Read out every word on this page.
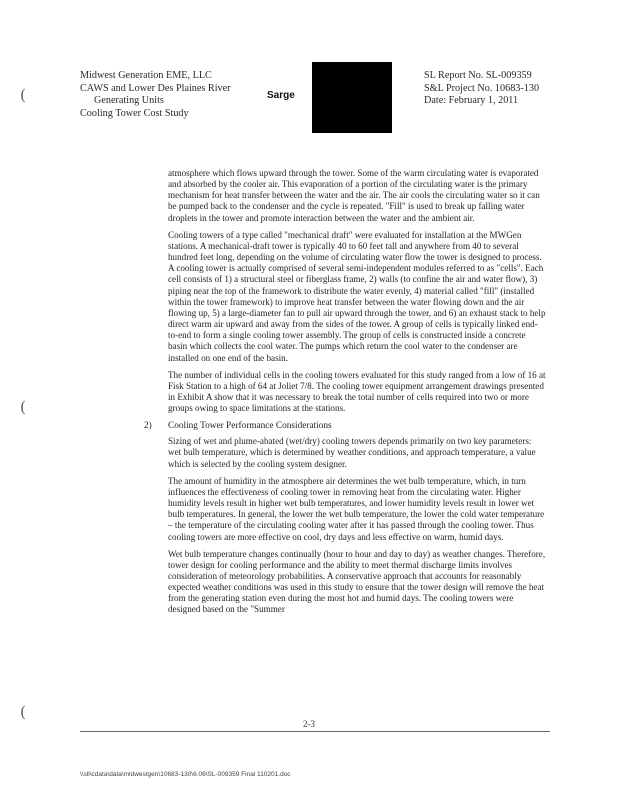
Midwest Generation EME, LLC
CAWS and Lower Des Plaines River
Generating Units
Cooling Tower Cost Study
Sarge
SL Report No. SL-009359
S&L Project No. 10683-130
Date: February 1, 2011
(
(
(

atmosphere which flows upward through the tower. Some of the warm circulating water is evaporated and absorbed by the cooler air. This evaporation of a portion of the circulating water is the primary mechanism for heat transfer between the water and the air. The air cools the circulating water so it can be pumped back to the condenser and the cycle is repeated. "Fill" is used to break up falling water droplets in the tower and promote interaction between the water and the ambient air.

Cooling towers of a type called "mechanical draft" were evaluated for installation at the MWGen stations. A mechanical-draft tower is typically 40 to 60 feet tall and anywhere from 40 to several hundred feet long, depending on the volume of circulating water flow the tower is designed to process. A cooling tower is actually comprised of several semi-independent modules referred to as "cells". Each cell consists of 1) a structural steel or fiberglass frame, 2) walls (to confine the air and water flow), 3) piping near the top of the framework to distribute the water evenly, 4) material called "fill" (installed within the tower framework) to improve heat transfer between the water flowing down and the air flowing up, 5) a large-diameter fan to pull air upward through the tower, and 6) an exhaust stack to help direct warm air upward and away from the sides of the tower. A group of cells is typically linked end-to-end to form a single cooling tower assembly. The group of cells is constructed inside a concrete basin which collects the cool water. The pumps which return the cool water to the condenser are installed on one end of the basin.

The number of individual cells in the cooling towers evaluated for this study ranged from a low of 16 at Fisk Station to a high of 64 at Joliet 7/8. The cooling tower equipment arrangement drawings presented in Exhibit A show that it was necessary to break the total number of cells required into two or more groups owing to space limitations at the stations.

2) Cooling Tower Performance Considerations

Sizing of wet and plume-abated (wet/dry) cooling towers depends primarily on two key parameters: wet bulb temperature, which is determined by weather conditions, and approach temperature, a value which is selected by the cooling system designer.

The amount of humidity in the atmosphere air determines the wet bulb temperature, which, in turn influences the effectiveness of cooling tower in removing heat from the circulating water. Higher humidity levels result in higher wet bulb temperatures, and lower humidity levels result in lower wet bulb temperatures. In general, the lower the wet bulb temperature, the lower the cold water temperature – the temperature of the circulating cooling water after it has passed through the cooling tower. Thus cooling towers are more effective on cool, dry days and less effective on warm, humid days.

Wet bulb temperature changes continually (hour to hour and day to day) as weather changes. Therefore, tower design for cooling performance and the ability to meet thermal discharge limits involves consideration of meteorology probabilities. A conservative approach that accounts for reasonably expected weather conditions was used in this study to ensure that the tower design will remove the heat from the generating station even during the most hot and humid days. The cooling towers were designed based on the "Summer

2-3
\\sll\cdata\data\mldwestgen\10683-130\6.06\SL-009359 Final 110201.doc
